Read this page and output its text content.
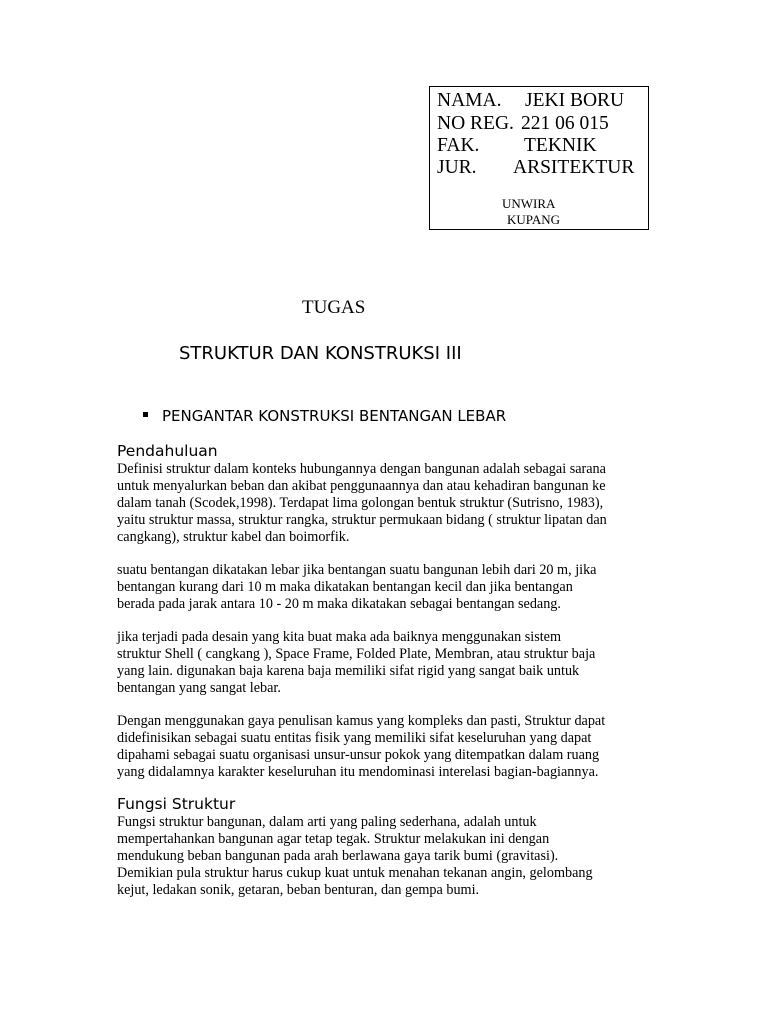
NAMA. JEKI BORU
NO REG. 221 06 015
FAK. TEKNIK
JUR. ARSITEKTUR
UNWIRA
KUPANG
TUGAS
STRUKTUR DAN KONSTRUKSI III
PENGANTAR KONSTRUKSI BENTANGAN LEBAR
Pendahuluan
Definisi struktur dalam konteks hubungannya dengan bangunan adalah sebagai sarana
untuk menyalurkan beban dan akibat penggunaannya dan atau kehadiran bangunan ke
dalam tanah (Scodek,1998). Terdapat lima golongan bentuk struktur (Sutrisno, 1983),
yaitu struktur massa, struktur rangka, struktur permukaan bidang ( struktur lipatan dan
cangkang), struktur kabel dan boimorfik.
suatu bentangan dikatakan lebar jika bentangan suatu bangunan lebih dari 20 m, jika
bentangan kurang dari 10 m maka dikatakan bentangan kecil dan jika bentangan
berada pada jarak antara 10 - 20 m maka dikatakan sebagai bentangan sedang.
jika terjadi pada desain yang kita buat maka ada baiknya menggunakan sistem
struktur Shell ( cangkang ), Space Frame, Folded Plate, Membran, atau struktur baja
yang lain. digunakan baja karena baja memiliki sifat rigid yang sangat baik untuk
bentangan yang sangat lebar.
Dengan menggunakan gaya penulisan kamus yang kompleks dan pasti, Struktur dapat
didefinisikan sebagai suatu entitas fisik yang memiliki sifat keseluruhan yang dapat
dipahami sebagai suatu organisasi unsur-unsur pokok yang ditempatkan dalam ruang
yang didalamnya karakter keseluruhan itu mendominasi interelasi bagian-bagiannya.
Fungsi Struktur
Fungsi struktur bangunan, dalam arti yang paling sederhana, adalah untuk
mempertahankan bangunan agar tetap tegak. Struktur melakukan ini dengan
mendukung beban bangunan pada arah berlawana gaya tarik bumi (gravitasi).
Demikian pula struktur harus cukup kuat untuk menahan tekanan angin, gelombang
kejut, ledakan sonik, getaran, beban benturan, dan gempa bumi.
